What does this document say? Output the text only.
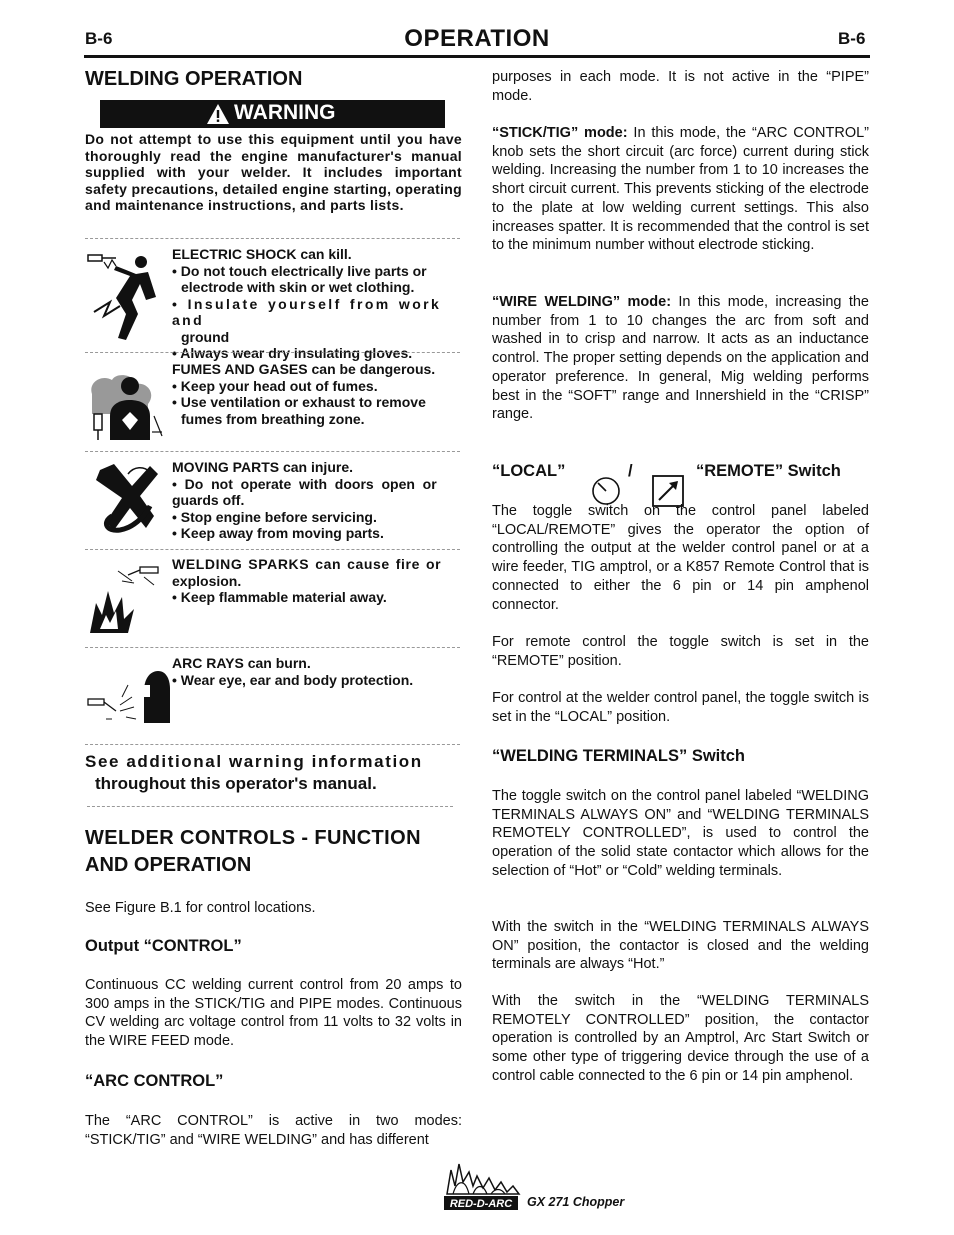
B-6	OPERATION	B-6
WELDING OPERATION
WARNING
Do not attempt to use this equipment until you have thoroughly read the engine manufacturer's manual supplied with your welder. It includes important safety precautions, detailed engine starting, operating and maintenance instructions, and parts lists.
ELECTRIC SHOCK can kill.
• Do not touch electrically live parts or
electrode with skin or wet clothing.
• Insulate yourself from work and
ground
• Always wear dry insulating gloves.
FUMES AND GASES can be dangerous.
• Keep your head out of fumes.
• Use ventilation or exhaust to remove
fumes from breathing zone.
MOVING PARTS can injure.
•  Do  not  operate  with  doors  open  or
guards off.
• Stop engine before servicing.
• Keep away from moving parts.
WELDING SPARKS can cause fire or
explosion.
• Keep flammable material away.
ARC RAYS can burn.
• Wear eye, ear and body protection.
See additional warning information
throughout this operator's manual.
WELDER CONTROLS - FUNCTION
AND OPERATION
See Figure B.1 for control locations.
Output “CONTROL”
Continuous CC welding current control from 20 amps to 300 amps in the STICK/TIG and PIPE modes. Continuous CV welding arc voltage control from 11 volts to 32 volts in the WIRE FEED mode.
“ARC CONTROL”
The “ARC CONTROL” is active in two modes: “STICK/TIG” and “WIRE WELDING” and has different
purposes in each mode. It is not active in the “PIPE” mode.
“STICK/TIG” mode: In this mode, the “ARC CONTROL” knob sets the short circuit (arc force) current during stick welding. Increasing the number from 1 to 10 increases the short circuit current. This prevents sticking of the electrode to the plate at low welding current settings. This also increases spatter. It is recommended that the control is set to the minimum number without electrode sticking.
“WIRE WELDING” mode: In this mode, increasing the number from 1 to 10 changes the arc from soft and washed in to crisp and narrow. It acts as an inductance control. The proper setting depends on the application and operator preference. In general, Mig welding performs best in the “SOFT” range and Innershield in the “CRISP” range.
“LOCAL”	/	“REMOTE” Switch
The toggle switch on the control panel labeled “LOCAL/REMOTE” gives the operator the option of controlling the output at the welder control panel or at a wire feeder, TIG amptrol, or a K857 Remote Control that is connected to either the 6 pin or 14 pin amphenol connector.
For remote control the toggle switch is set in the “REMOTE” position.
For control at the welder control panel, the toggle switch is set in the “LOCAL” position.
“WELDING TERMINALS” Switch
The toggle switch on the control panel labeled “WELDING TERMINALS ALWAYS ON” and “WELDING TERMINALS REMOTELY CONTROLLED”, is used to control the operation of the solid state contactor which allows for the selection of “Hot” or “Cold” welding terminals.
With the switch in the “WELDING TERMINALS ALWAYS ON” position, the contactor is closed and the welding terminals are always “Hot.”
With the switch in the “WELDING TERMINALS REMOTELY CONTROLLED” position, the contactor operation is controlled by an Amptrol, Arc Start Switch or some other type of triggering device through the use of a control cable connected to the 6 pin or 14 pin amphenol.
RED-D-ARC GX 271 Chopper
